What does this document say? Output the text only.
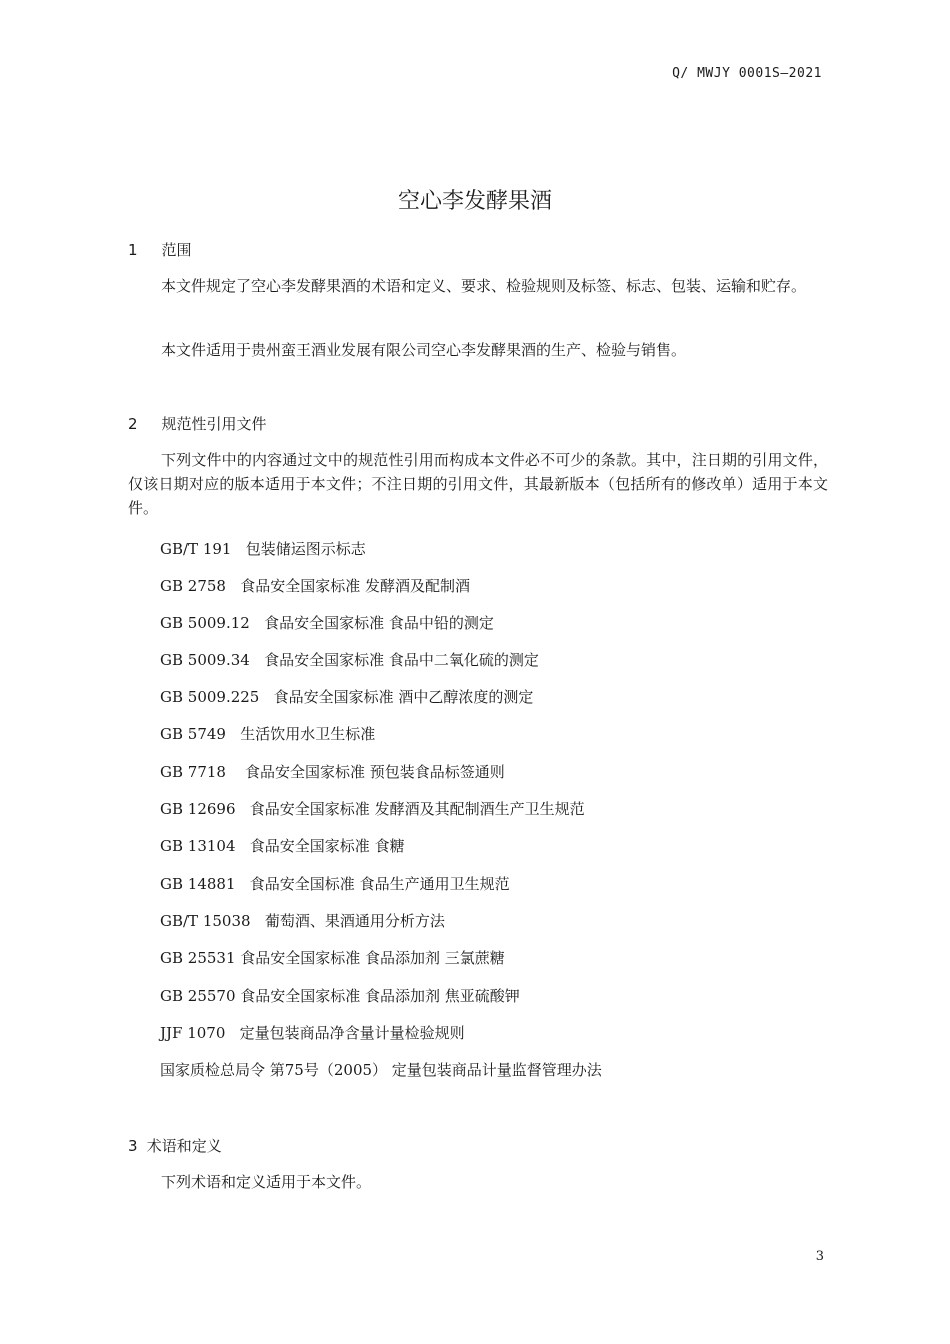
Q/ MWJY 0001S—2021
空心李发酵果酒
1 范围
本文件规定了空心李发酵果酒的术语和定义、要求、检验规则及标签、标志、包装、运输和贮存。
本文件适用于贵州蛮王酒业发展有限公司空心李发酵果酒的生产、检验与销售。
2 规范性引用文件
下列文件中的内容通过文中的规范性引用而构成本文件必不可少的条款。其中，注日期的引用文件，仅该日期对应的版本适用于本文件；不注日期的引用文件，其最新版本（包括所有的修改单）适用于本文件。
GB/T 191   包装储运图示标志
GB 2758   食品安全国家标准 发酵酒及配制酒
GB 5009.12   食品安全国家标准 食品中铅的测定
GB 5009.34   食品安全国家标准 食品中二氧化硫的测定
GB 5009.225   食品安全国家标准 酒中乙醇浓度的测定
GB 5749   生活饮用水卫生标准
GB 7718    食品安全国家标准 预包装食品标签通则
GB 12696   食品安全国家标准 发酵酒及其配制酒生产卫生规范
GB 13104   食品安全国家标准 食糖
GB 14881   食品安全国标准 食品生产通用卫生规范
GB/T 15038   葡萄酒、果酒通用分析方法
GB 25531 食品安全国家标准 食品添加剂 三氯蔗糖
GB 25570 食品安全国家标准 食品添加剂 焦亚硫酸钾
JJF 1070   定量包装商品净含量计量检验规则
国家质检总局令 第75号（2005） 定量包装商品计量监督管理办法
3 术语和定义
下列术语和定义适用于本文件。
3
